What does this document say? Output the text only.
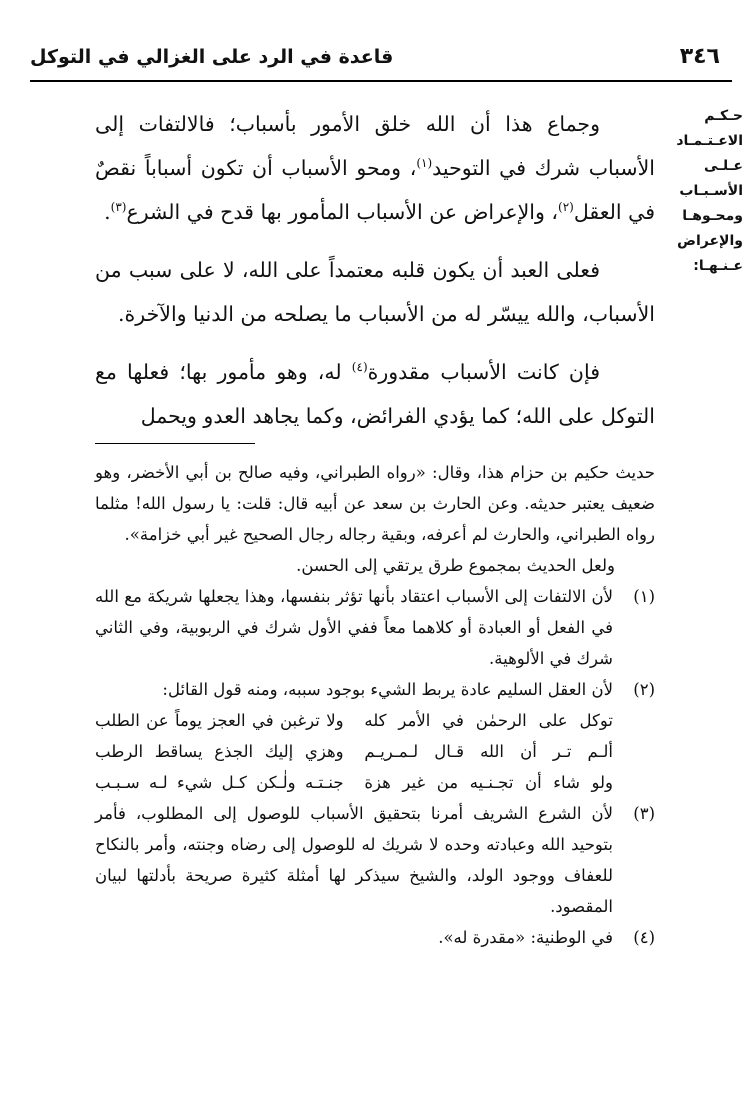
٣٤٦
قاعدة في الرد على الغزالي في التوكل
حـكـم
الاعـتـمـاد
عـلـى
الأسـبـاب
ومحـوهـا
والإعراض
عـنـهـا:

وجماع هذا أن الله خلق الأمور بأسباب؛ فالالتفات إلى الأسباب شرك في التوحيد$^{(١)}$، ومحو الأسباب أن تكون أسباباً نقصٌ في العقل$^{(٢)}$، والإعراض عن الأسباب المأمور بها قدح في الشرع$^{(٣)}$.

فعلى العبد أن يكون قلبه معتمداً على الله، لا على سبب من الأسباب، والله ييسّر له من الأسباب ما يصلحه من الدنيا والآخرة.

فإن كانت الأسباب مقدورة$^{(٤)}$ له، وهو مأمور بها؛ فعلها مع التوكل على الله؛ كما يؤدي الفرائض، وكما يجاهد العدو ويحمل

حديث حكيم بن حزام هذا، وقال: «رواه الطبراني، وفيه صالح بن أبي الأخضر، وهو ضعيف يعتبر حديثه. وعن الحارث بن سعد عن أبيه قال: قلت: يا رسول الله! مثلما رواه الطبراني، والحارث لم أعرفه، وبقية رجاله رجال الصحيح غير أبي خزامة».

ولعل الحديث بمجموع طرق يرتقي إلى الحسن.

(١)
لأن الالتفات إلى الأسباب اعتقاد بأنها تؤثر بنفسها، وهذا يجعلها شريكة مع الله في الفعل أو العبادة أو كلاهما معاً ففي الأول شرك في الربوبية، وفي الثاني شرك في الألوهية.
(٢)
لأن العقل السليم عادة يربط الشيء بوجود سببه، ومنه قول القائل:
توكل على الرحمٰن في الأمر كله
ولا ترغبن في العجز يوماً عن الطلب
ألـم تـر أن الله قـال لـمـريـم
وهزي إليك الجذع يساقط الرطب
ولو شاء أن تجـنـيه من غير هزة
جنـتـه ولٰـكن كـل شيء لـه سـبـب
(٣)
لأن الشرع الشريف أمرنا بتحقيق الأسباب للوصول إلى المطلوب، فأمر بتوحيد الله وعبادته وحده لا شريك له للوصول إلى رضاه وجنته، وأمر بالنكاح للعفاف ووجود الولد، والشيخ سيذكر لها أمثلة كثيرة صريحة بأدلتها لبيان المقصود.
(٤)
في الوطنية: «مقدرة له».
